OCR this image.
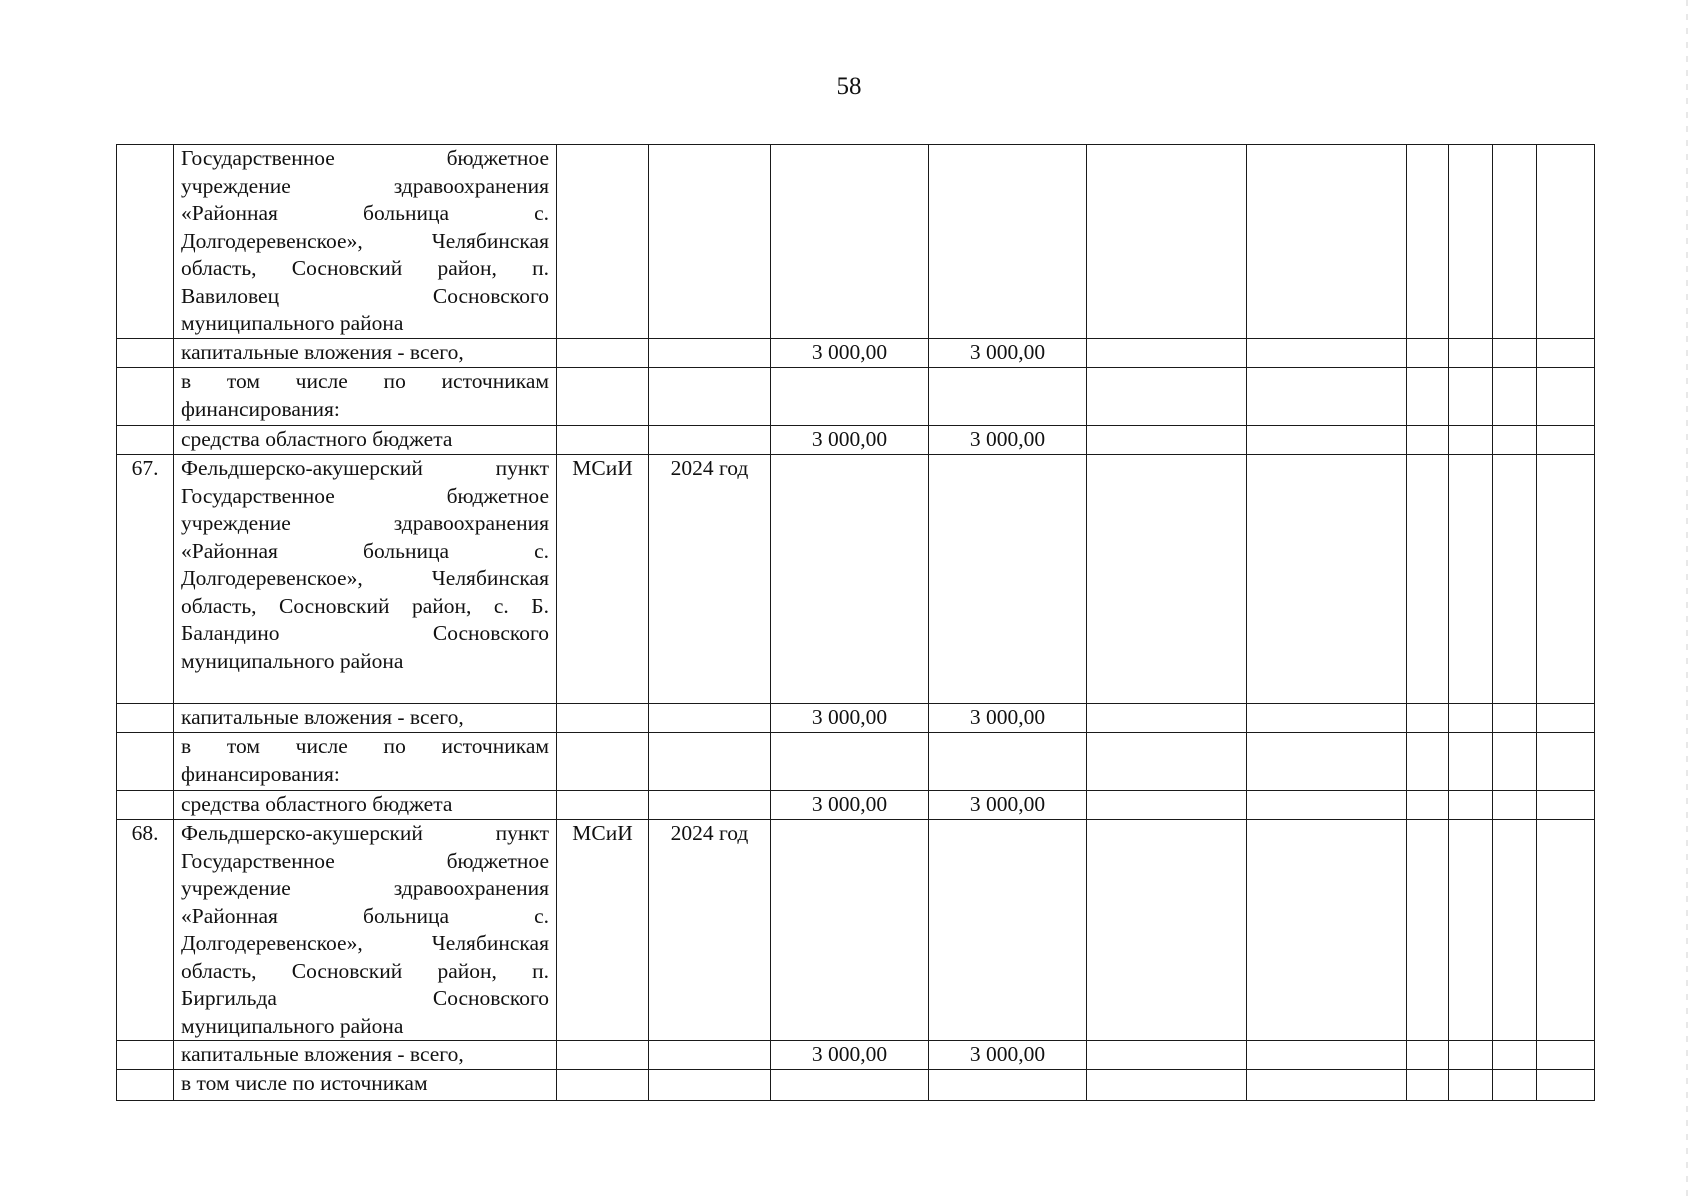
58
	Государственное бюджетное учреждение здравоохранения «Районная больница с. Долгодеревенское», Челябинская область, Сосновский район, п. Вавиловец Сосновского муниципального района										
	капитальные вложения - всего,			3 000,00	3 000,00						
	в том числе по источникам финансирования:										
	средства областного бюджета			3 000,00	3 000,00						
67.	Фельдшерско-акушерский пункт Государственное бюджетное учреждение здравоохранения «Районная больница с. Долгодеревенское», Челябинская область, Сосновский район, с. Б. Баландино Сосновского муниципального района	МСиИ	2024 год								
	капитальные вложения - всего,			3 000,00	3 000,00						
	в том числе по источникам финансирования:										
	средства областного бюджета			3 000,00	3 000,00						
68.	Фельдшерско-акушерский пункт Государственное бюджетное учреждение здравоохранения «Районная больница с. Долгодеревенское», Челябинская область, Сосновский район, п. Биргильда Сосновского муниципального района	МСиИ	2024 год								
	капитальные вложения - всего,			3 000,00	3 000,00						
	в том числе по источникам										
